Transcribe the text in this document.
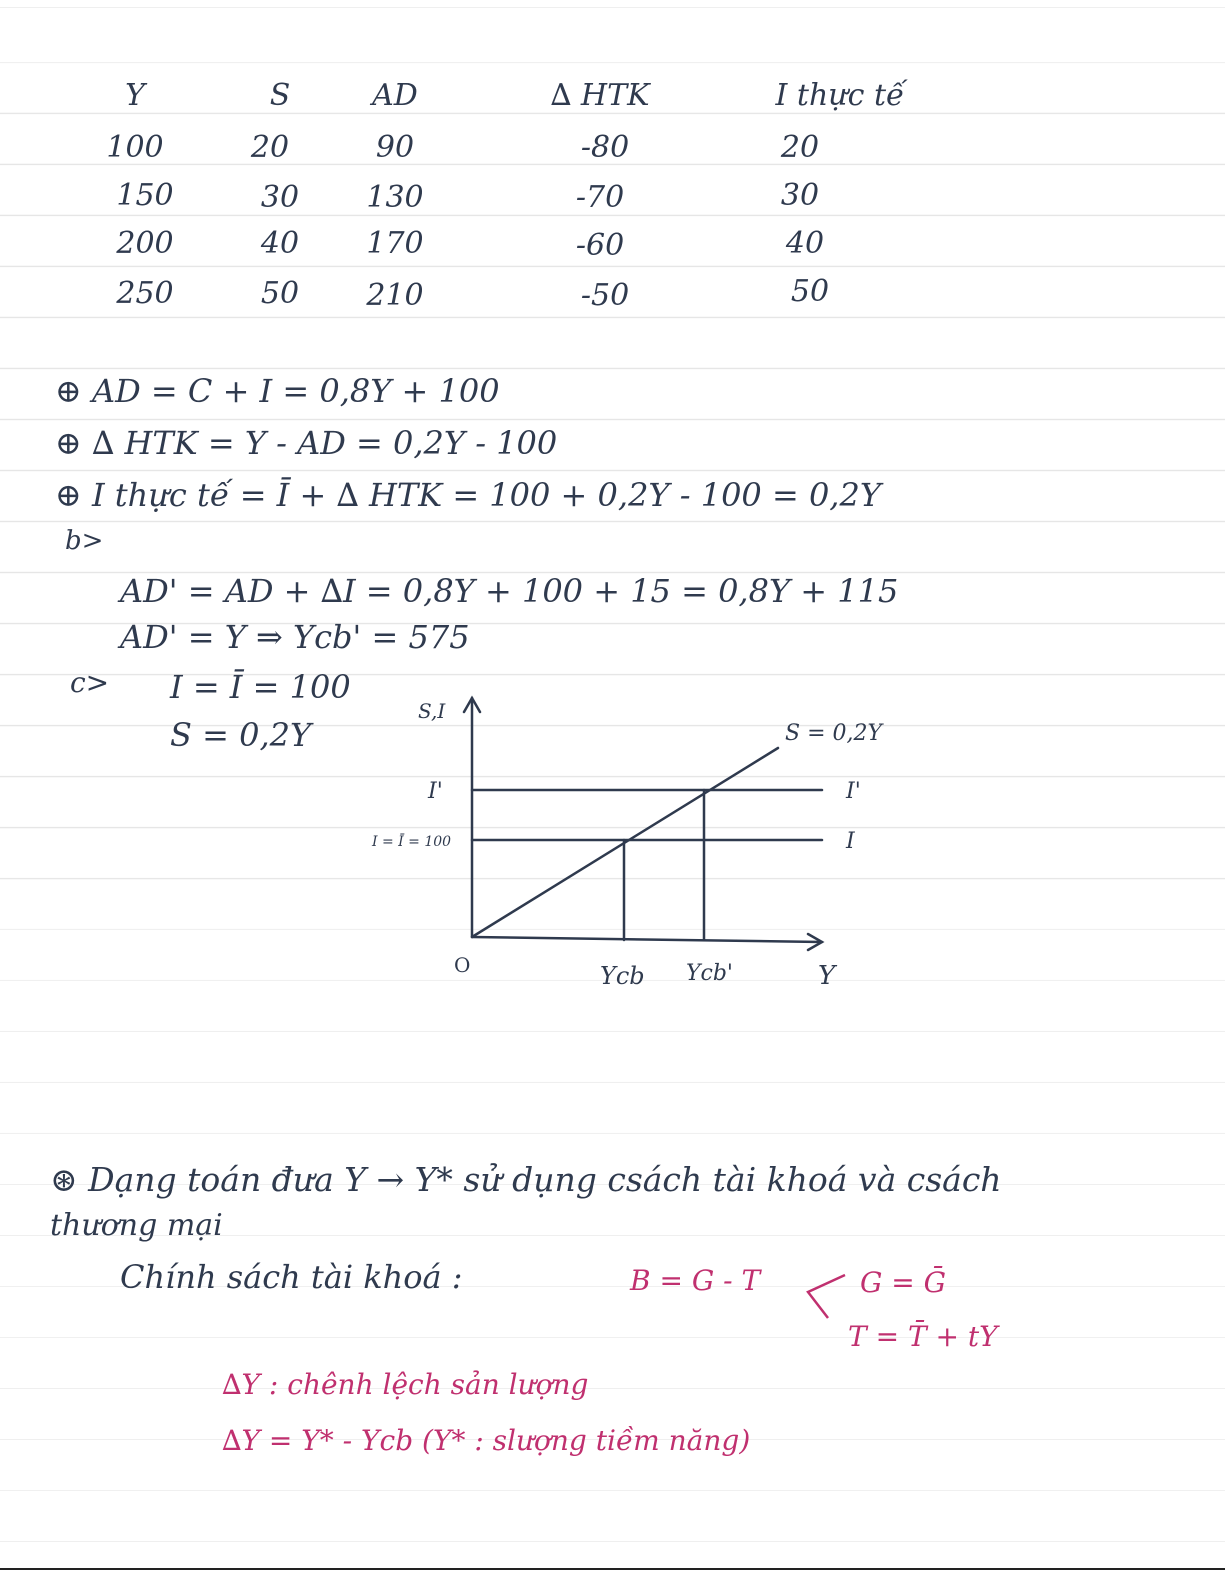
Y	S	AD	∆ HTK	I thực tế
100	20	90	-80	20
150	30	130	-70	30
200	40	170	-60	40
250	50	210	-50	50
⊕ AD = C + I = 0,8Y + 100
⊕ ∆ HTK = Y - AD = 0,2Y - 100
⊕ I thực tế = Ī + ∆ HTK = 100 + 0,2Y - 100 = 0,2Y
b>
AD' = AD + ∆I = 0,8Y + 100 + 15 = 0,8Y + 115
AD' = Y ⇒ Ycb' = 575
c> I = Ī = 100
S = 0,2Y
S,I
S = 0,2Y
I'	I'
I = Ī = 100	I
O	Ycb Ycb'	Y
⊛ Dạng toán đưa Y → Y* sử dụng csách tài khoá và csách
thương mại
Chính sách tài khoá :	B = G - T	G = Ḡ
T = T̄ + tY
∆Y : chênh lệch sản lượng
∆Y = Y* - Ycb (Y* : slượng tiềm năng)
